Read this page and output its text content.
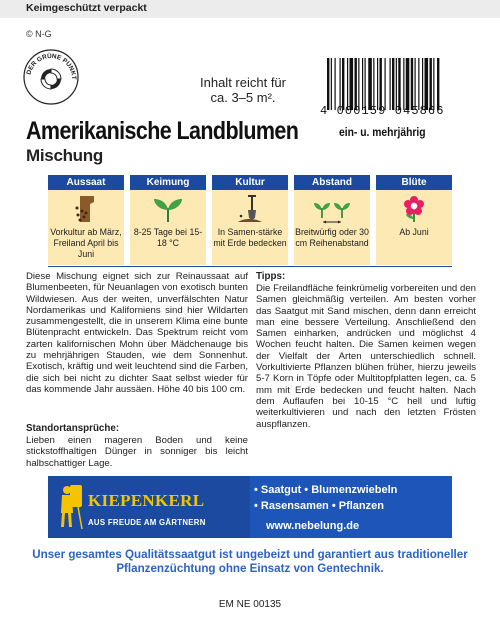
Keimgeschützt verpackt
© N-G
DER GRÜNE PUNKT	Inhalt reicht für
ca. 3–5 m².
4 000159 045866
Amerikanische Landblumen	ein- u. mehrjährig
Mischung
Aussaat
Vorkultur ab März, Freiland April bis Juni
Keimung
8-25 Tage bei 15-18 °C
Kultur
In Samen-stärke mit Erde bedecken
Abstand
Breitwürfig oder 30 cm Reihenabstand
Blüte
Ab Juni
Diese Mischung eignet sich zur Reinaussaat auf Blumenbeeten, für Neuanlagen von exotisch bunten Wildwiesen. Aus der weiten, unverfälschten Natur Nordamerikas und Kaliforniens sind hier Wildarten zusammengestellt, die in unserem Klima eine bunte Blütenpracht entwickeln. Das Spektrum reicht vom zarten kalifornischen Mohn über Mädchenauge bis zu mehrjährigen Stauden, wie dem Sonnenhut. Exotisch, kräftig und weit leuchtend sind die Farben, die sich bei nicht zu dichter Saat selbst wieder für das kommende Jahr aussäen. Höhe 40 bis 100 cm.
Standortansprüche:
Lieben einen mageren Boden und keine stickstoffhaltigen Dünger in sonniger bis leicht halbschattiger Lage.
Tipps:
Die Freilandfläche feinkrümelig vorbereiten und den Samen gleichmäßig verteilen. Am besten vorher das Saatgut mit Sand mischen, denn dann erreicht man eine bessere Verteilung. Anschließend den Samen einharken, andrücken und möglichst 4 Wochen feucht halten. Die Samen keimen wegen der Vielfalt der Arten unterschiedlich schnell. Vorkultivierte Pflanzen blühen früher, hierzu jeweils 5-7 Korn in Töpfe oder Multitopfplatten legen, ca. 5 mm mit Erde bedecken und feucht halten. Nach dem Auflaufen bei 10-15 °C hell und luftig weiterkultivieren und nach den letzten Frösten auspflanzen.
KIEPENKERL
AUS FREUDE AM GÄRTNERN
• Saatgut • Blumenzwiebeln
• Rasensamen • Pflanzen
www.nebelung.de
Unser gesamtes Qualitätssaatgut ist ungebeizt und garantiert aus traditioneller Pflanzenzüchtung ohne Einsatz von Gentechnik.
EM NE 00135
